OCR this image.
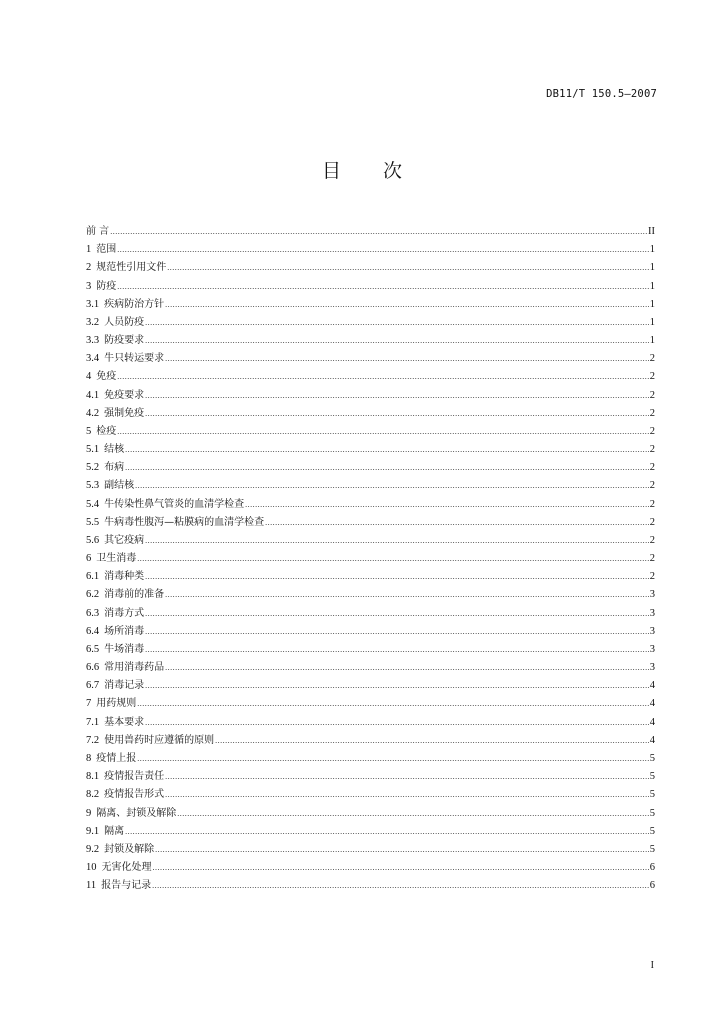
DB11/T 150.5—2007
目 次
前 言 .....	II
1 范围 .....	1
2 规范性引用文件 .....	1
3 防疫 .....	1
3.1 疾病防治方针 .....	1
3.2 人员防疫 .....	1
3.3 防疫要求 .....	1
3.4 牛只转运要求 .....	2
4 免疫 .....	2
4.1 免疫要求 .....	2
4.2 强制免疫 .....	2
5 检疫 .....	2
5.1 结核 .....	2
5.2 布病 .....	2
5.3 副结核 .....	2
5.4 牛传染性鼻气管炎的血清学检查 .....	2
5.5 牛病毒性腹泻—粘膜病的血清学检查 .....	2
5.6 其它疫病 .....	2
6 卫生消毒 .....	2
6.1 消毒种类 .....	2
6.2 消毒前的准备 .....	3
6.3 消毒方式 .....	3
6.4 场所消毒 .....	3
6.5 牛场消毒 .....	3
6.6 常用消毒药品 .....	3
6.7 消毒记录 .....	4
7 用药规则 .....	4
7.1 基本要求 .....	4
7.2 使用兽药时应遵循的原则 .....	4
8 疫情上报 .....	5
8.1 疫情报告责任 .....	5
8.2 疫情报告形式 .....	5
9 隔离、封锁及解除 .....	5
9.1 隔离 .....	5
9.2 封锁及解除 .....	5
10 无害化处理 .....	6
11 报告与记录 .....	6
I
